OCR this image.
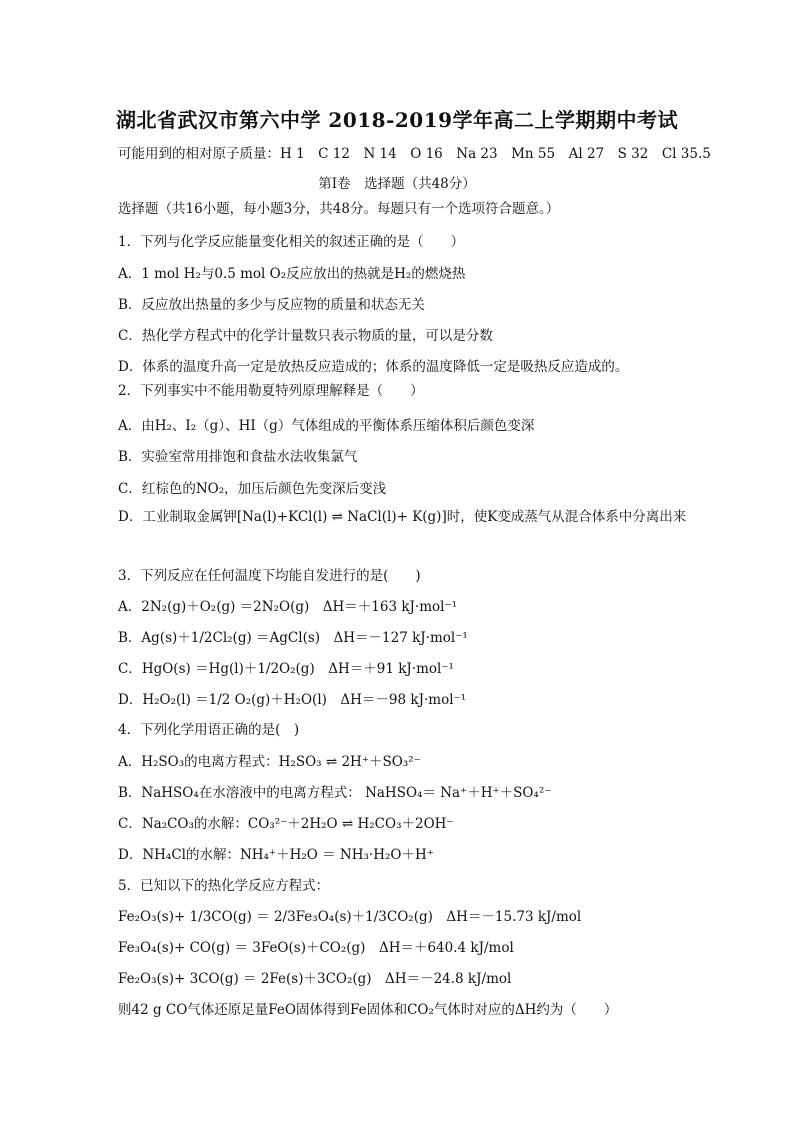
湖北省武汉市第六中学 2018-2019学年高二上学期期中考试
可能用到的相对原子质量：H 1　C 12　N 14　O 16　Na 23　Mn 55　Al 27　S 32　Cl 35.5
第Ⅰ卷　选择题（共48分）
选择题（共16小题，每小题3分，共48分。每题只有一个选项符合题意。）
1．下列与化学反应能量变化相关的叙述正确的是（　　）
A．1 mol H₂与0.5 mol O₂反应放出的热就是H₂的燃烧热
B．反应放出热量的多少与反应物的质量和状态无关
C．热化学方程式中的化学计量数只表示物质的量，可以是分数
D．体系的温度升高一定是放热反应造成的；体系的温度降低一定是吸热反应造成的。
2．下列事实中不能用勒夏特列原理解释是（　　）
A．由H₂、I₂（g）、HI（g）气体组成的平衡体系压缩体积后颜色变深
B．实验室常用排饱和食盐水法收集氯气
C．红棕色的NO₂，加压后颜色先变深后变浅
D．工业制取金属钾[Na(l)+KCl(l) ⇌ NaCl(l)+ K(g)]时，使K变成蒸气从混合体系中分离出来
3．下列反应在任何温度下均能自发进行的是(　　)
A．2N₂(g)＋O₂(g) ＝2N₂O(g)　ΔH＝＋163 kJ·mol⁻¹
B．Ag(s)＋1/2Cl₂(g) ＝AgCl(s)　ΔH＝－127 kJ·mol⁻¹
C．HgO(s) ＝Hg(l)＋1/2O₂(g)　ΔH＝＋91 kJ·mol⁻¹
D．H₂O₂(l) ＝1/2 O₂(g)＋H₂O(l)　ΔH＝－98 kJ·mol⁻¹
4．下列化学用语正确的是(　)
A．H₂SO₃的电离方程式：H₂SO₃ ⇌ 2H⁺＋SO₃²⁻
B．NaHSO₄在水溶液中的电离方程式： NaHSO₄＝ Na⁺＋H⁺＋SO₄²⁻
C．Na₂CO₃的水解：CO₃²⁻＋2H₂O ⇌ H₂CO₃＋2OH⁻
D．NH₄Cl的水解：NH₄⁺＋H₂O ＝ NH₃·H₂O＋H⁺
5．已知以下的热化学反应方程式：
Fe₂O₃(s)+ 1/3CO(g) ＝ 2/3Fe₃O₄(s)＋1/3CO₂(g)　ΔH＝－15.73 kJ/mol
Fe₃O₄(s)+ CO(g) ＝ 3FeO(s)＋CO₂(g)　ΔH＝＋640.4 kJ/mol
Fe₂O₃(s)+ 3CO(g) ＝ 2Fe(s)＋3CO₂(g)　ΔH＝－24.8 kJ/mol
则42 g CO气体还原足量FeO固体得到Fe固体和CO₂气体时对应的ΔH约为（　　）
